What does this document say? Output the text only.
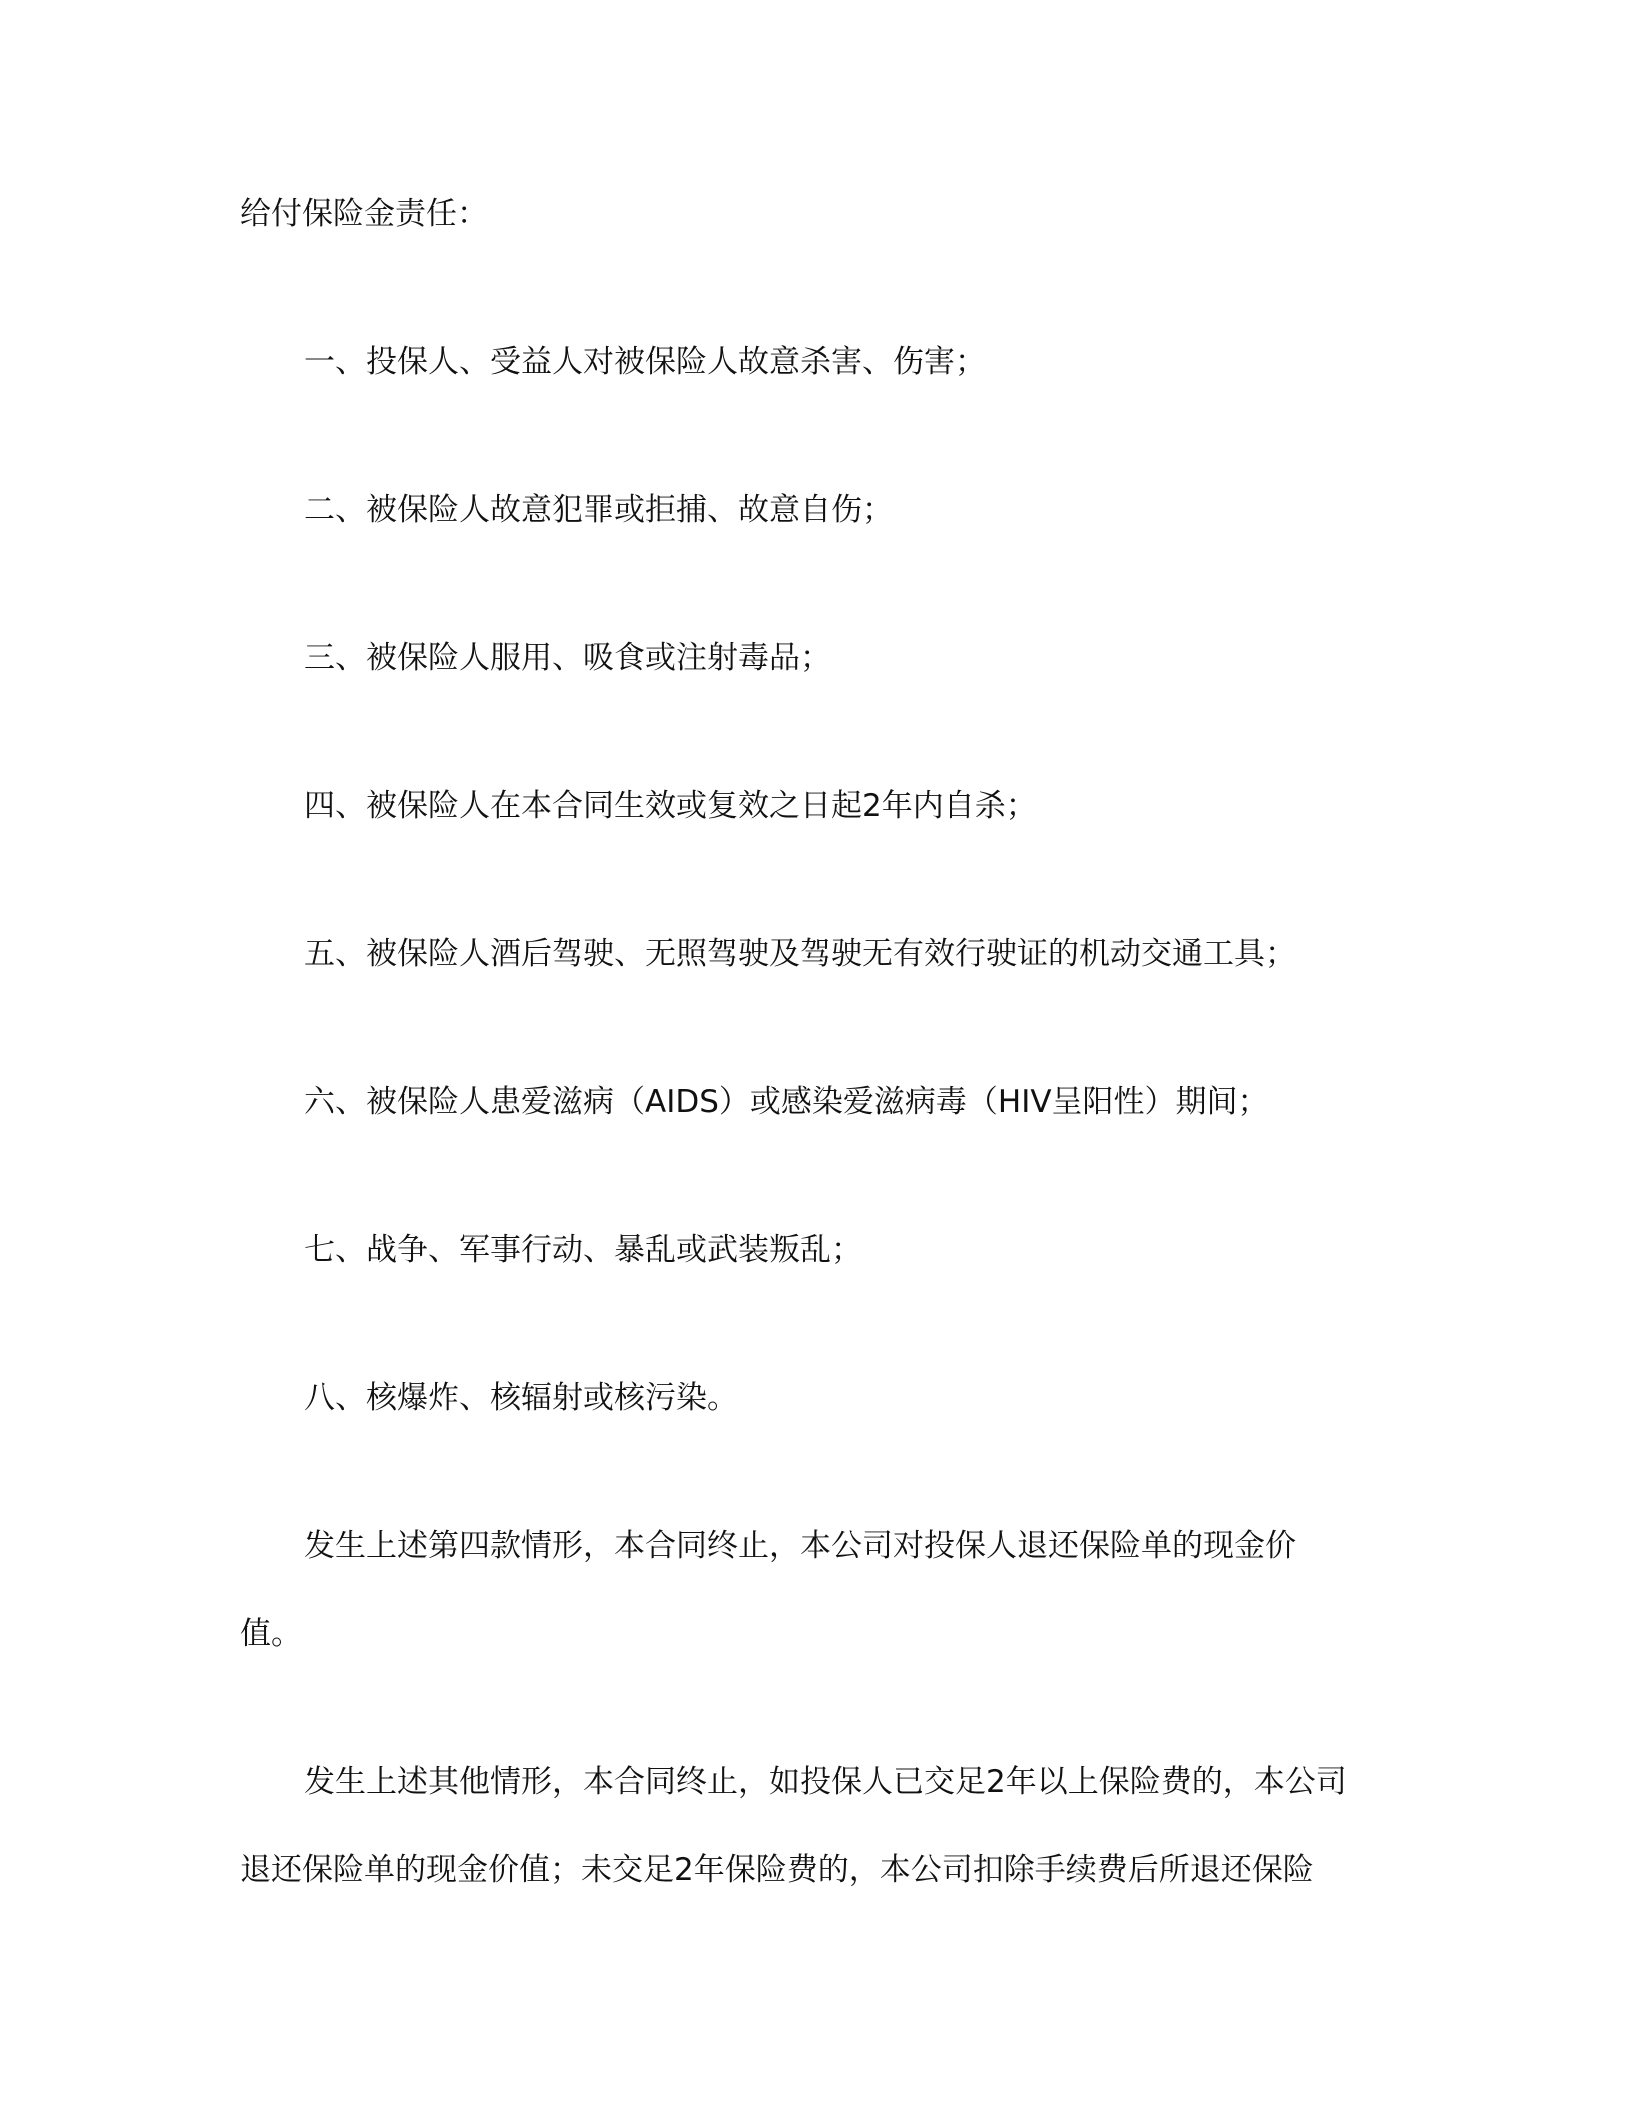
给付保险金责任：

一、投保人、受益人对被保险人故意杀害、伤害；

二、被保险人故意犯罪或拒捕、故意自伤；

三、被保险人服用、吸食或注射毒品；

四、被保险人在本合同生效或复效之日起2年内自杀；

五、被保险人酒后驾驶、无照驾驶及驾驶无有效行驶证的机动交通工具；

六、被保险人患爱滋病（AIDS）或感染爱滋病毒（HIV呈阳性）期间；

七、战争、军事行动、暴乱或武装叛乱；

八、核爆炸、核辐射或核污染。

发生上述第四款情形，本合同终止，本公司对投保人退还保险单的现金价

值。

发生上述其他情形，本合同终止，如投保人已交足2年以上保险费的，本公司

退还保险单的现金价值；未交足2年保险费的，本公司扣除手续费后所退还保险
